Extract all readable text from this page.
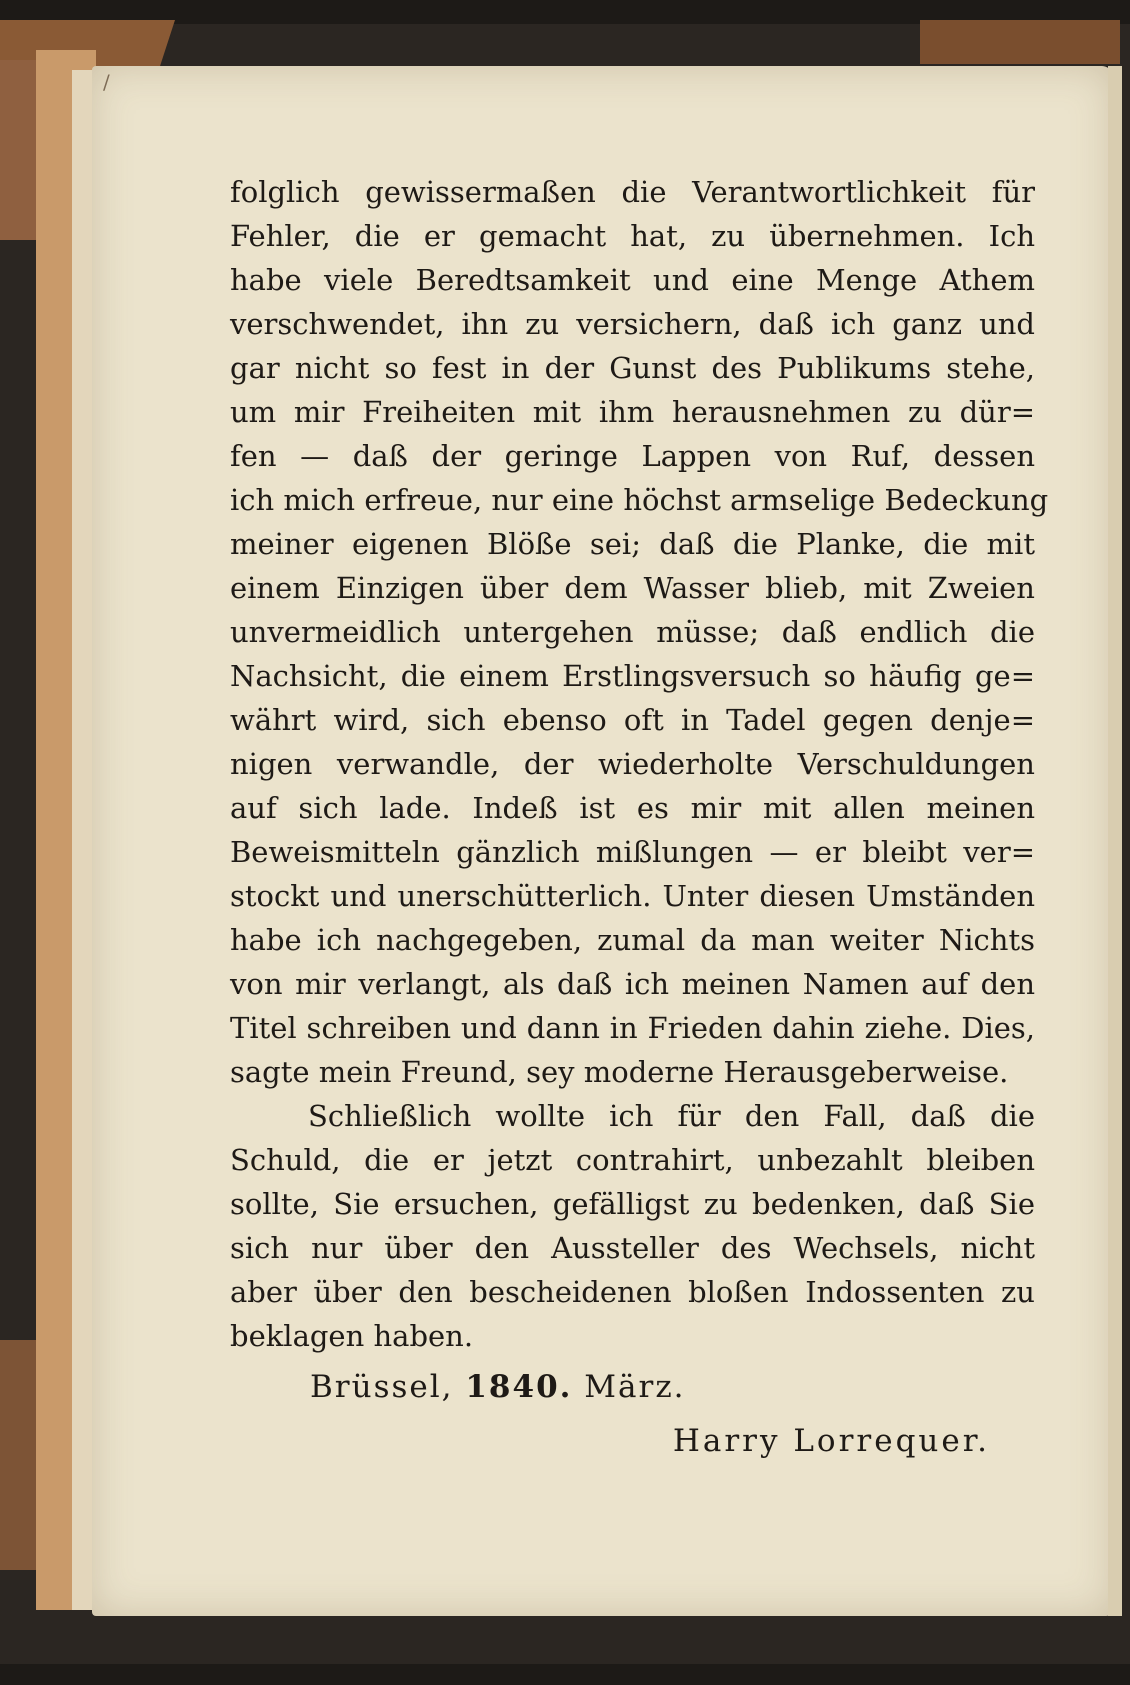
/
folglich gewissermaßen die Verantwortlichkeit für
Fehler, die er gemacht hat, zu übernehmen. Ich
habe viele Beredtsamkeit und eine Menge Athem
verschwendet, ihn zu versichern, daß ich ganz und
gar nicht so fest in der Gunst des Publikums stehe,
um mir Freiheiten mit ihm herausnehmen zu dür=
fen — daß der geringe Lappen von Ruf, dessen
ich mich erfreue, nur eine höchst armselige Bedeckung
meiner eigenen Blöße sei; daß die Planke, die mit
einem Einzigen über dem Wasser blieb, mit Zweien
unvermeidlich untergehen müsse; daß endlich die
Nachsicht, die einem Erstlingsversuch so häufig ge=
währt wird, sich ebenso oft in Tadel gegen denje=
nigen verwandle, der wiederholte Verschuldungen
auf sich lade. Indeß ist es mir mit allen meinen
Beweismitteln gänzlich mißlungen — er bleibt ver=
stockt und unerschütterlich. Unter diesen Umständen
habe ich nachgegeben, zumal da man weiter Nichts
von mir verlangt, als daß ich meinen Namen auf den
Titel schreiben und dann in Frieden dahin ziehe. Dies,
sagte mein Freund, sey moderne Herausgeberweise.
Schließlich wollte ich für den Fall, daß die
Schuld, die er jetzt contrahirt, unbezahlt bleiben
sollte, Sie ersuchen, gefälligst zu bedenken, daß Sie
sich nur über den Aussteller des Wechsels, nicht
aber über den bescheidenen bloßen Indossenten zu
beklagen haben.
Brüssel, 1840. März.
Harry Lorrequer.
